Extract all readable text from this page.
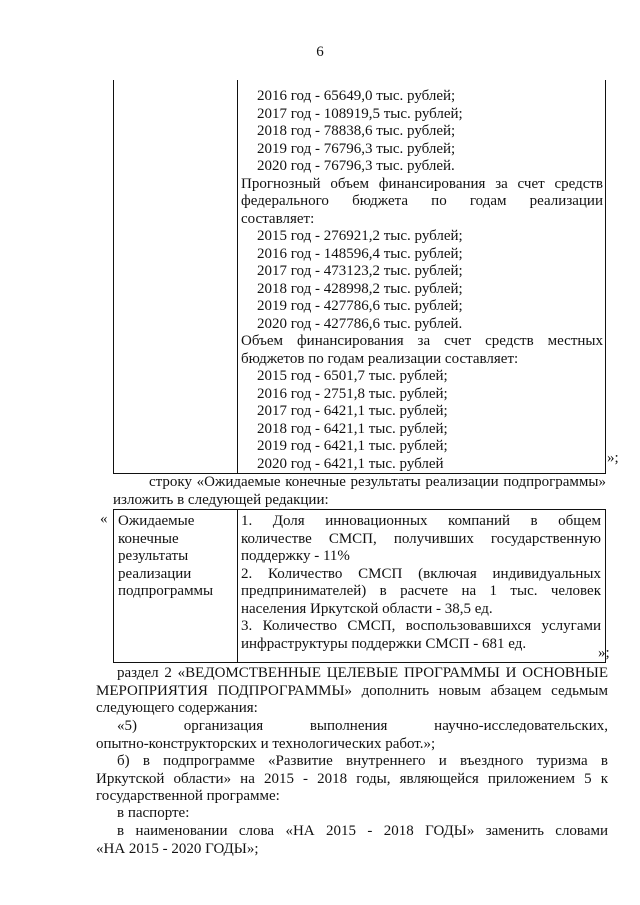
6
2016 год - 65649,0 тыс. рублей;
2017 год - 108919,5 тыс. рублей;
2018 год - 78838,6 тыс. рублей;
2019 год - 76796,3 тыс. рублей;
2020 год - 76796,3 тыс. рублей.
Прогнозный объем финансирования за счет средств
федерального бюджета по годам реализации
составляет:
2015 год - 276921,2 тыс. рублей;
2016 год - 148596,4 тыс. рублей;
2017 год - 473123,2 тыс. рублей;
2018 год - 428998,2 тыс. рублей;
2019 год - 427786,6 тыс. рублей;
2020 год - 427786,6 тыс. рублей.
Объем финансирования за счет средств местных
бюджетов по годам реализации составляет:
2015 год - 6501,7 тыс. рублей;
2016 год - 2751,8 тыс. рублей;
2017 год - 6421,1 тыс. рублей;
2018 год - 6421,1 тыс. рублей;
2019 год - 6421,1 тыс. рублей;
2020 год - 6421,1 тыс. рублей	»;
строку «Ожидаемые конечные результаты реализации подпрограммы»
изложить в следующей редакции:
« Ожидаемые
конечные
результаты
реализации
подпрограммы
1. Доля инновационных компаний в общем
количестве СМСП, получивших государственную
поддержку - 11%
2. Количество СМСП (включая индивидуальных
предпринимателей) в расчете на 1 тыс. человек
населения Иркутской области - 38,5 ед.
3. Количество СМСП, воспользовавшихся услугами
инфраструктуры поддержки СМСП - 681 ед.
»;
раздел 2 «ВЕДОМСТВЕННЫЕ ЦЕЛЕВЫЕ ПРОГРАММЫ И ОСНОВНЫЕ
МЕРОПРИЯТИЯ ПОДПРОГРАММЫ» дополнить новым абзацем седьмым
следующего содержания:
«5) организация выполнения научно-исследовательских,
опытно-конструкторских и технологических работ.»;
б) в подпрограмме «Развитие внутреннего и въездного туризма в
Иркутской области» на 2015 - 2018 годы, являющейся приложением 5 к
государственной программе:
в паспорте:
в наименовании слова «НА 2015 - 2018 ГОДЫ» заменить словами
«НА 2015 - 2020 ГОДЫ»;
